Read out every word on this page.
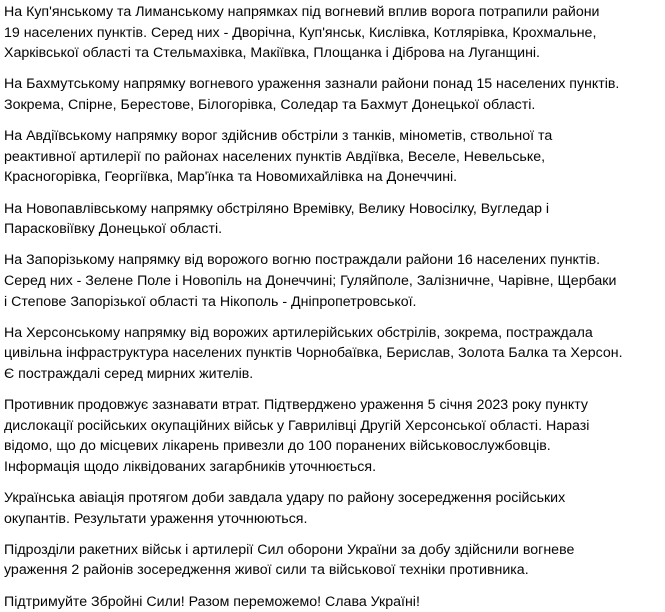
На Куп'янському та Лиманському напрямках під вогневий вплив ворога потрапили райони
19 населених пунктів. Серед них - Дворічна, Куп'янськ, Кислівка, Котлярівка, Крохмальне,
Харківської області та Стельмахівка, Макіївка, Площанка і Діброва на Луганщині.

На Бахмутському напрямку вогневого ураження зазнали райони понад 15 населених пунктів.
Зокрема, Спірне, Берестове, Білогорівка, Соледар та Бахмут Донецької області.

На Авдіївському напрямку ворог здійснив обстріли з танків, мінометів, ствольної та
реактивної артилерії по районах населених пунктів Авдіївка, Веселе, Невельське,
Красногорівка, Георгіївка, Мар'їнка та Новомихайлівка на Донеччині.

На Новопавлівському напрямку обстріляно Времівку, Велику Новосілку, Вугледар і
Парасковіївку Донецької області.

На Запорізькому напрямку від ворожого вогню постраждали райони 16 населених пунктів.
Серед них - Зелене Поле і Новопіль на Донеччині; Гуляйполе, Залізничне, Чарівне, Щербаки
і Степове Запорізької області та Нікополь - Дніпропетровської.

На Херсонському напрямку від ворожих артилерійських обстрілів, зокрема, постраждала
цивільна інфраструктура населених пунктів Чорнобаївка, Берислав, Золота Балка та Херсон.
Є постраждалі серед мирних жителів.

Противник продовжує зазнавати втрат. Підтверджено ураження 5 січня 2023 року пункту
дислокації російських окупаційних військ у Гаврилівці Другій Херсонської області. Наразі
відомо, що до місцевих лікарень привезли до 100 поранених військовослужбовців.
Інформація щодо ліквідованих загарбників уточнюється.

Українська авіація протягом доби завдала удару по району зосередження російських
окупантів. Результати ураження уточнюються.

Підрозділи ракетних військ і артилерії Сил оборони України за добу здійснили вогневе
ураження 2 районів зосередження живої сили та військової техніки противника.

Підтримуйте Збройні Сили! Разом переможемо! Слава Україні!
